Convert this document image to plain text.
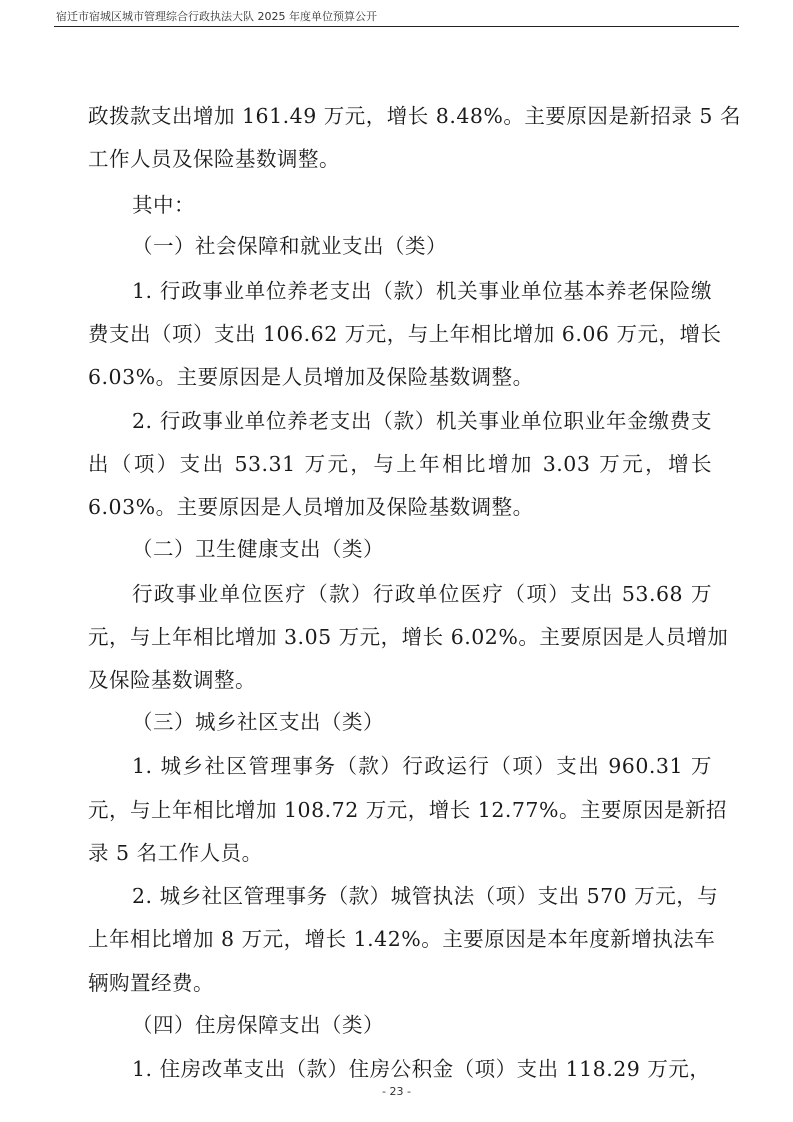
宿迁市宿城区城市管理综合行政执法大队 2025 年度单位预算公开
政拨款支出增加 161.49 万元，增长 8.48%。主要原因是新招录 5 名
工作人员及保险基数调整。
其中：
（一）社会保障和就业支出（类）
1. 行政事业单位养老支出（款）机关事业单位基本养老保险缴
费支出（项）支出 106.62 万元，与上年相比增加 6.06 万元，增长
6.03%。主要原因是人员增加及保险基数调整。
2. 行政事业单位养老支出（款）机关事业单位职业年金缴费支
出（项）支出 53.31 万元，与上年相比增加 3.03 万元，增长
6.03%。主要原因是人员增加及保险基数调整。
（二）卫生健康支出（类）
行政事业单位医疗（款）行政单位医疗（项）支出 53.68 万
元，与上年相比增加 3.05 万元，增长 6.02%。主要原因是人员增加
及保险基数调整。
（三）城乡社区支出（类）
1. 城乡社区管理事务（款）行政运行（项）支出 960.31 万
元，与上年相比增加 108.72 万元，增长 12.77%。主要原因是新招
录 5 名工作人员。
2. 城乡社区管理事务（款）城管执法（项）支出 570 万元，与
上年相比增加 8 万元，增长 1.42%。主要原因是本年度新增执法车
辆购置经费。
（四）住房保障支出（类）
1. 住房改革支出（款）住房公积金（项）支出 118.29 万元，
- 23 -
